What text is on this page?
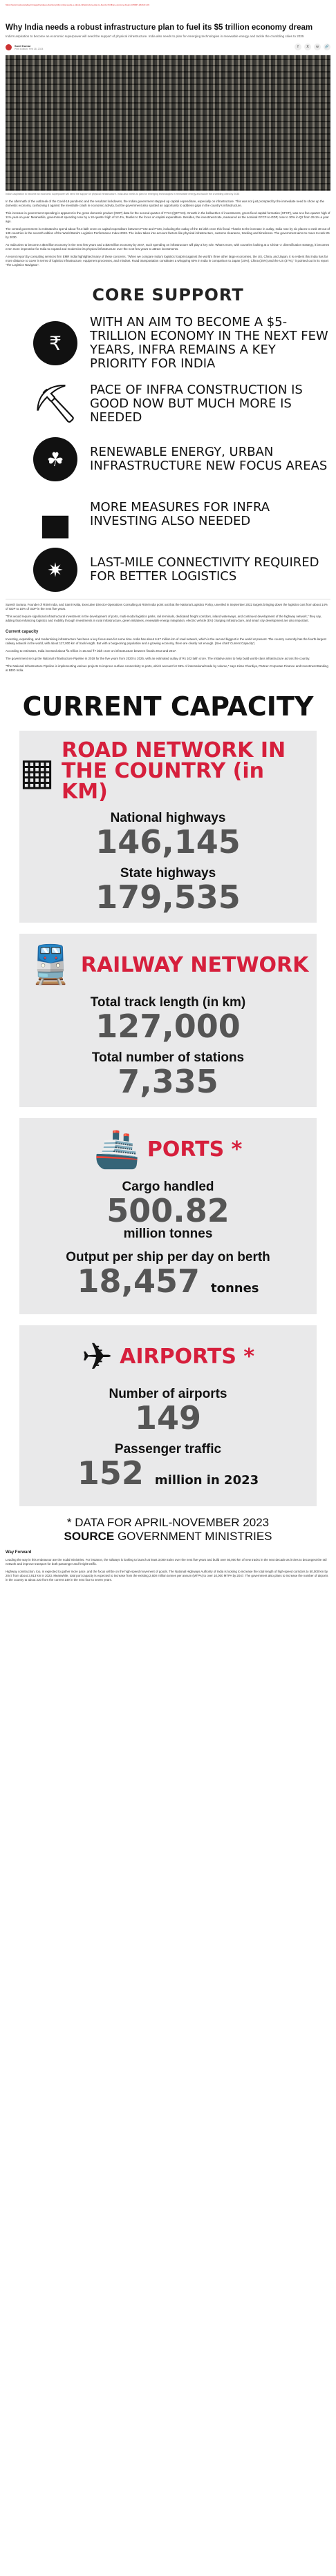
https://www.businesstoday.in/magazine/deep-dive/story/why-india-needs-a-robust-infrastructure-plan-to-fuel-its-5-trillion-economy-dream-415927-2024-01-31
Why India needs a robust infrastructure plan to fuel its $5 trillion economy dream
India's aspiration to become an economic superpower will need the support of physical infrastructure. India also needs to plan for emerging technologies in renewable energy and tackle the crumbling cities to 2035
Sunil Kumar
Print Edition: Feb 18, 2024	f	X	w	🔗
India's aspiration to become an economic superpower will need the support of physical infrastructure. India also needs to plan for emerging technologies in renewable energy and tackle the crumbling cities by 2035

In the aftermath of the outbreak of the Covid-19 pandemic and the resultant lockdowns, the Indian government stepped up capital expenditure, especially on infrastructure. This was not just prompted by the immediate need to shore up the domestic economy, cushioning it against the inevitable crash in economic activity, but the government also spotted an opportunity to address gaps in the country's infrastructure.

This increase in government spending is apparent in the gross domestic product (GDP) data for the second quarter of FY24 (Q2FY24). Growth in the bellwether of investments, gross fixed capital formation (GFCF), was at a five-quarter high of 11% year-on-year. Meanwhile, government spending rose by a 10-quarter high of 12.4%, thanks to the focus on capital expenditure. Besides, the investment rate, measured as the nominal GFCF-to-GDP, rose to 30% in Q2 from 29.1% a year ago.

The central government is estimated to spend about ₹3.3 lakh crore on capital expenditure between FY22 and FY24, including the outlay of the 15 lakh crore this fiscal. Thanks to the increase in outlay, India rose by six places to rank 38 out of 139 countries in the seventh edition of the World Bank's Logistics Performance Index 2023. The index takes into account factors like physical infrastructure, customs clearance, tracking and timeliness. The government aims to move to rank 25 by 2030.

As India aims to become a $5 trillion economy in the next few years and a $30 trillion economy by 2047, such spending on infrastructure will play a key role. What's more, with countries looking at a 'China+1' diversification strategy, it becomes even more imperative for India to expand and modernise its physical infrastructure over the next few years to attract investments.

A recent report by consulting services firm EMR India highlighted many of these concerns. "When we compare India's logistics footprint against the world's three other large economies, the US, China, and Japan, it is evident that India has far more distance to cover in terms of logistics infrastructure, equipment processes, and mindset. Road transportation constitutes a whopping 60% in India in comparison to Japan (15%), China (25%) and the US (37%)," it pointed out in its report 'The Logistics Navigator'.

CORE SUPPORT
₹
WITH AN AIM TO BECOME A $5-TRILLION ECONOMY IN THE NEXT FEW YEARS, INFRA REMAINS A KEY PRIORITY FOR INDIA
⛏ PACE OF INFRA CONSTRUCTION IS GOOD NOW BUT MUCH MORE IS NEEDED
☘	RENEWABLE ENERGY, URBAN INFRASTRUCTURE NEW FOCUS AREAS
▄	MORE MEASURES FOR INFRA INVESTING ALSO NEEDED
✷	LAST-MILE CONNECTIVITY REQUIRED FOR BETTER LOGISTICS

Suresh Surana, Founder of RSM India, and Samir Kalia, Executive Director-Operations Consulting at RSM India point out that the National Logistics Policy, unveiled in September 2022 targets bringing down the logistics cost from about 14% of GDP to 10% of GDP in the next five years.

"This would require significant infrastructural investment in the development of ports, multi-modal logistics parks, rail terminals, dedicated freight corridors, inland waterways, and continued development of the highway network," they say, adding that enhancing logistics and mobility through investments in rural infrastructure, green initiatives, renewable energy integration, electric vehicle (EV) charging infrastructure, and smart city development are also important.

Current capacity

Investing, expanding, and modernising infrastructure has been a key focus area for some time. India has about 6.67 million km of road network, which is the second biggest in the world at present. The country currently has the fourth-largest railway network in the world, with about 127,000 km of track length. But with a burgeoning population and a growing economy, there are clearly not enough. (See chart 'Current Capacity')

According to estimates, India invested about ₹1 trillion in 16 and ₹7 lakh crore on infrastructure between fiscals 2013 and 2017.

The government set up the National Infrastructure Pipeline in 2019 for the five years from 2020 to 2025, with an estimated outlay of Rs 102 lakh crore. The initiative aims to help build world-class infrastructure across the country.

"The National Infrastructure Pipeline is implementing various projects to improve surface connectivity to ports, which account for 95% of international trade by volume," says Kiran Chordiya, Partner-Corporate Finance and Investment Banking at BDO India.

CURRENT CAPACITY
▦
ROAD NETWORK IN THE COUNTRY (in KM)
National highways
146,145
State highways
179,535
🚆 RAILWAY NETWORK
Total track length (in km)
127,000
Total number of stations
7,335
🚢 PORTS *
Cargo handled
500.82
million tonnes
Output per ship per day on berth
18,457 tonnes
✈ AIRPORTS *
Number of airports
149
Passenger traffic
152 million in 2023
* DATA FOR APRIL-NOVEMBER 2023
SOURCE GOVERNMENT MINISTRIES
Way Forward

Leading the way in this endeavour are the nodal ministries. For instance, the railways is looking to launch at least 3,000 trains over the next five years and build over 50,000 km of new tracks in the next decade as it tries to decongest the rail network and improve transport for both passenger and freight traffic.

Highway construction, too, is expected to gather more pace, and the focus will be on the high-speed movement of goods. The National Highways Authority of India is looking to increase the total length of high-speed corridors to 50,000 km by 2047 from about 3,913 km in 2023. Meanwhile, total port capacity is expected to increase from the existing 2,600 million tonnes per annum (MTPA) to over 10,000 MTPA by 2047. The government also plans to increase the number of airports in the country to about 220 from the current 149 in the next four to seven years.
